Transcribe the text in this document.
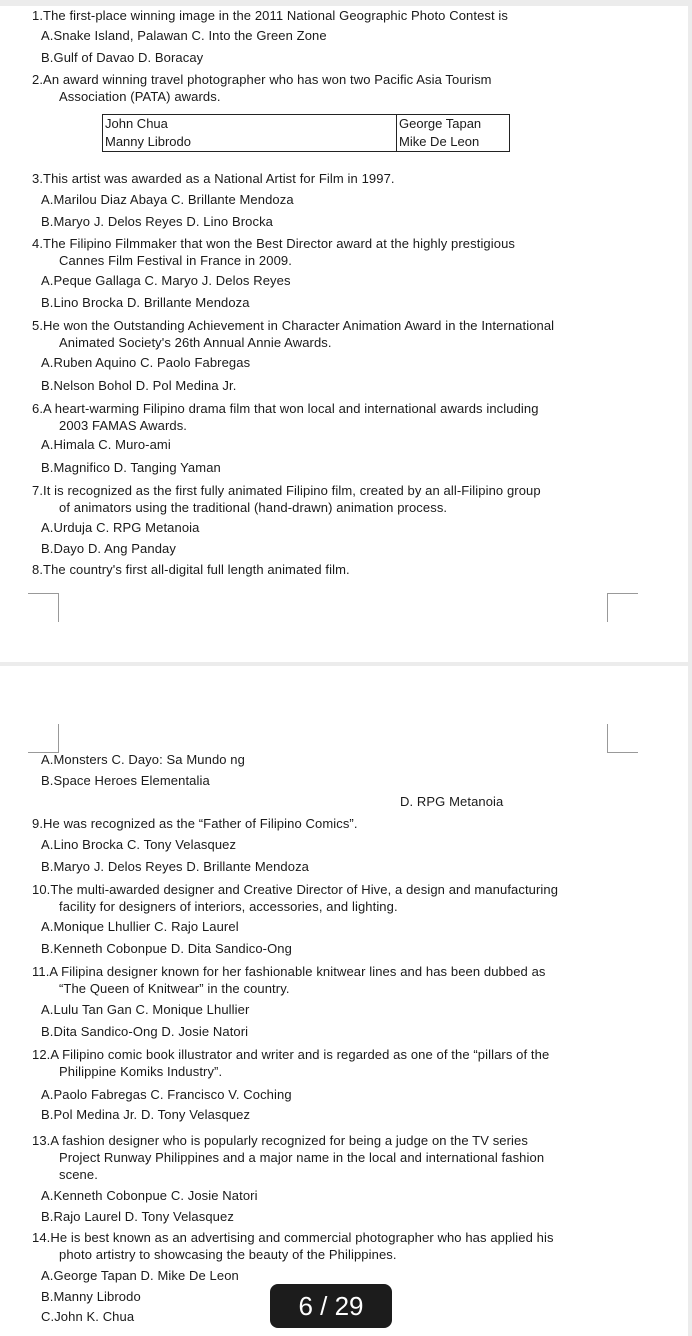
1.The first-place winning image in the 2011 National Geographic Photo Contest is
A.Snake Island, Palawan C. Into the Green Zone
B.Gulf of Davao D. Boracay
2.An award winning travel photographer who has won two Pacific Asia Tourism
Association (PATA) awards.
John Chua	George Tapan
Manny Librodo	Mike De Leon
3.This artist was awarded as a National Artist for Film in 1997.
A.Marilou Diaz Abaya C. Brillante Mendoza
B.Maryo J. Delos Reyes D. Lino Brocka
4.The Filipino Filmmaker that won the Best Director award at the highly prestigious
Cannes Film Festival in France in 2009.
A.Peque Gallaga C. Maryo J. Delos Reyes
B.Lino Brocka D. Brillante Mendoza
5.He won the Outstanding Achievement in Character Animation Award in the International
Animated Society's 26th Annual Annie Awards.
A.Ruben Aquino C. Paolo Fabregas
B.Nelson Bohol D. Pol Medina Jr.
6.A heart-warming Filipino drama film that won local and international awards including
2003 FAMAS Awards.
A.Himala C. Muro-ami
B.Magnifico D. Tanging Yaman
7.It is recognized as the first fully animated Filipino film, created by an all-Filipino group
of animators using the traditional (hand-drawn) animation process.
A.Urduja C. RPG Metanoia
B.Dayo D. Ang Panday
8.The country's first all-digital full length animated film.
A.Monsters C. Dayo: Sa Mundo ng
B.Space Heroes Elementalia
D. RPG Metanoia
9.He was recognized as the “Father of Filipino Comics”.
A.Lino Brocka C. Tony Velasquez
B.Maryo J. Delos Reyes D. Brillante Mendoza
10.The multi-awarded designer and Creative Director of Hive, a design and manufacturing
facility for designers of interiors, accessories, and lighting.
A.Monique Lhullier C. Rajo Laurel
B.Kenneth Cobonpue D. Dita Sandico-Ong
11.A Filipina designer known for her fashionable knitwear lines and has been dubbed as
“The Queen of Knitwear” in the country.
A.Lulu Tan Gan C. Monique Lhullier
B.Dita Sandico-Ong D. Josie Natori
12.A Filipino comic book illustrator and writer and is regarded as one of the “pillars of the
Philippine Komiks Industry”.
A.Paolo Fabregas C. Francisco V. Coching
B.Pol Medina Jr. D. Tony Velasquez
13.A fashion designer who is popularly recognized for being a judge on the TV series
Project Runway Philippines and a major name in the local and international fashion
scene.
A.Kenneth Cobonpue C. Josie Natori
B.Rajo Laurel D. Tony Velasquez
14.He is best known as an advertising and commercial photographer who has applied his
photo artistry to showcasing the beauty of the Philippines.
A.George Tapan D. Mike De Leon
B.Manny Librodo
C.John K. Chua	6 / 29
